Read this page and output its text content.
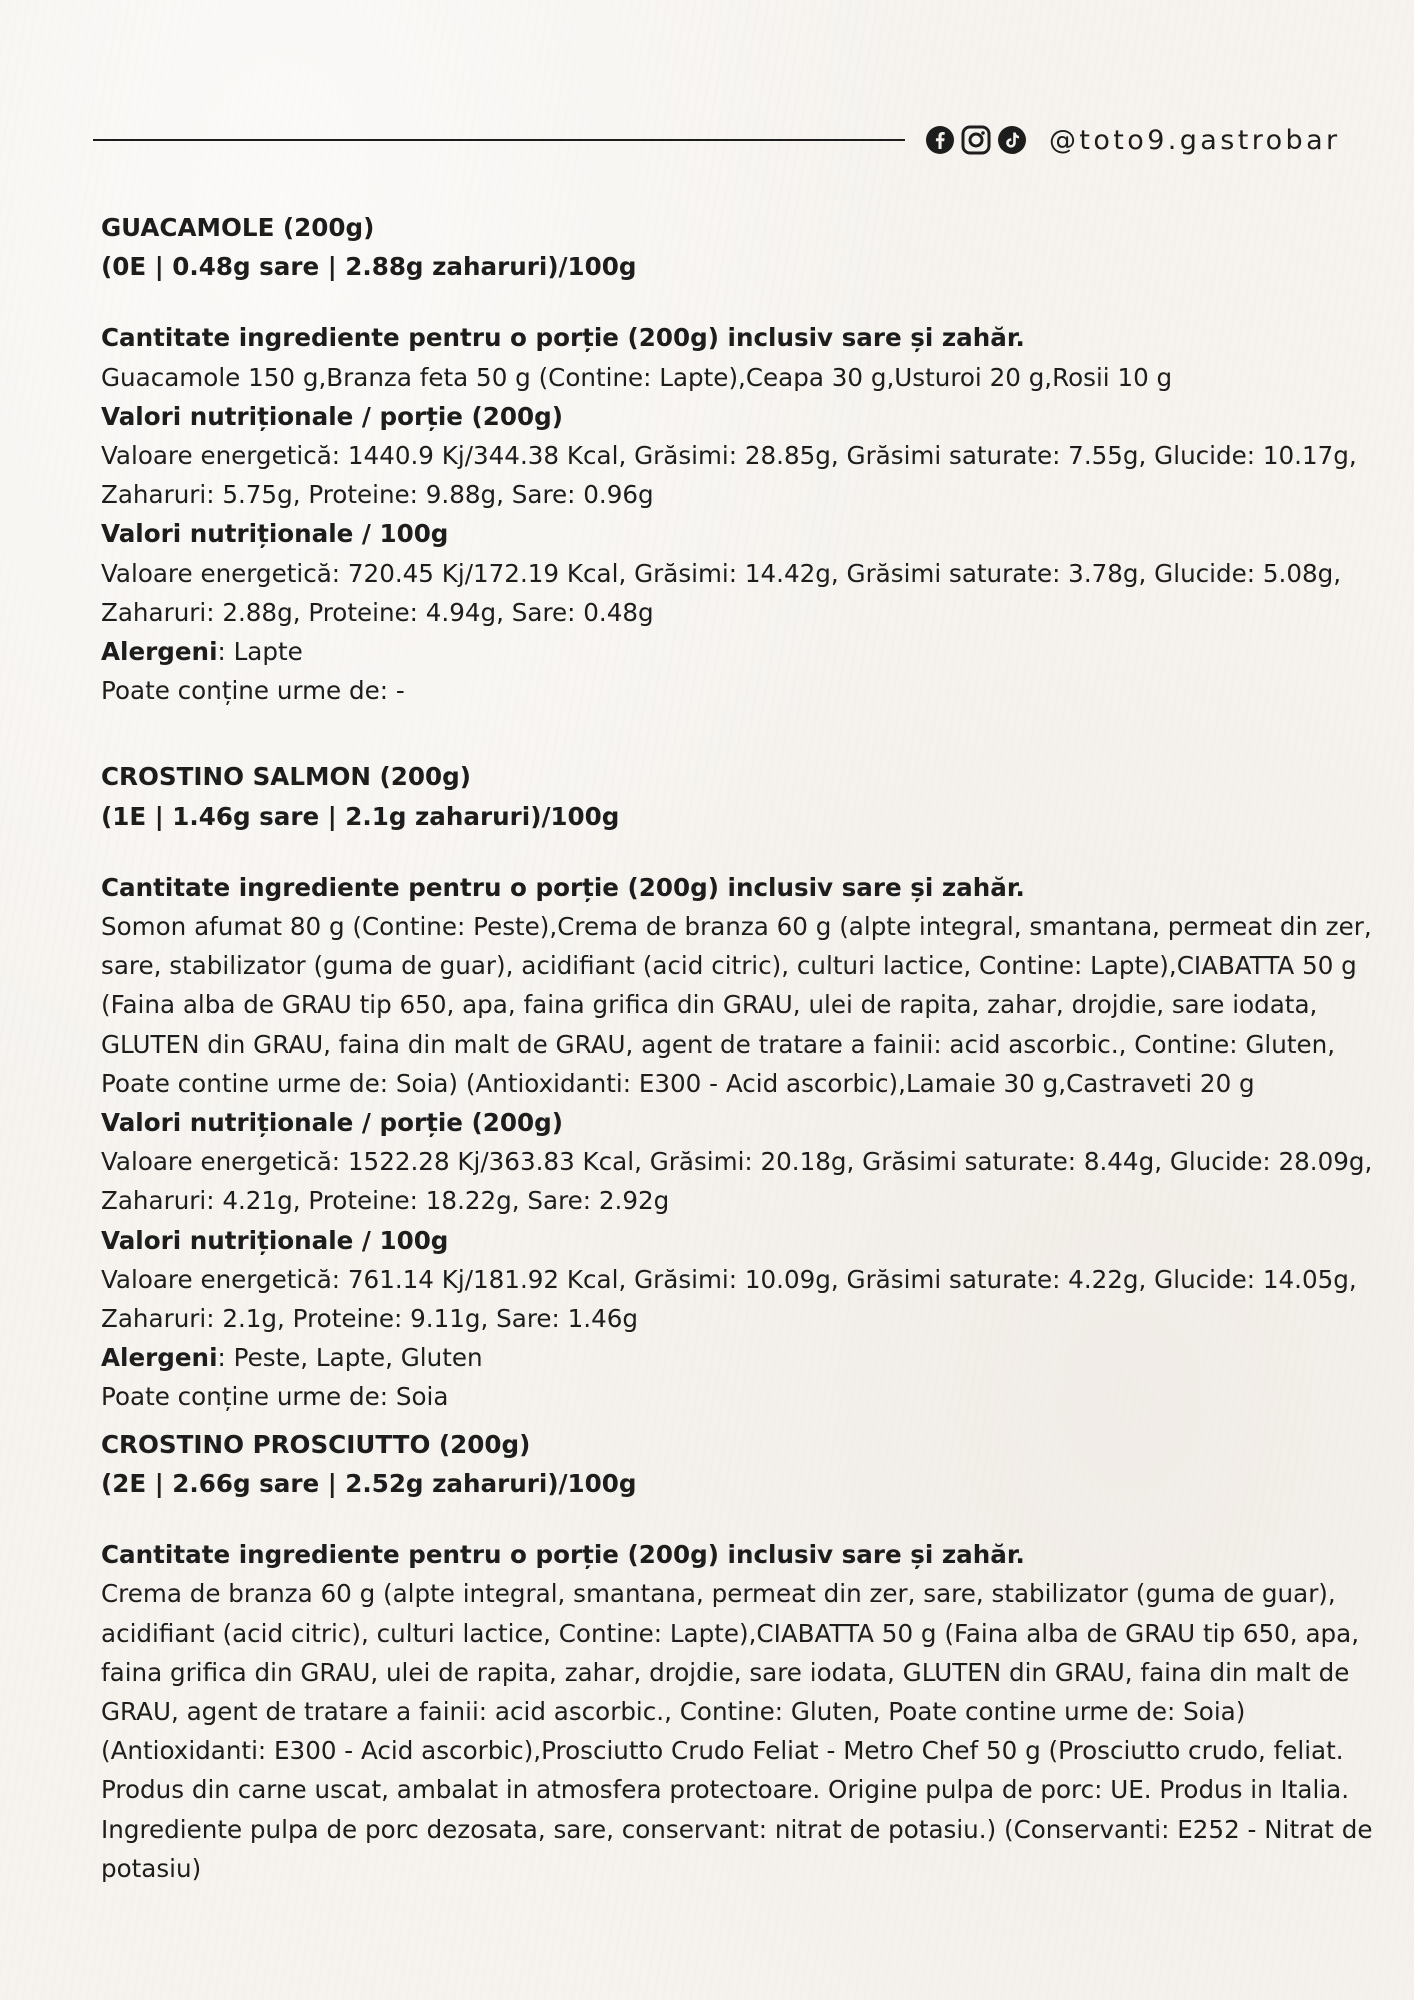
@toto9.gastrobar

GUACAMOLE (200g)

(0E | 0.48g sare | 2.88g zaharuri)/100g

Cantitate ingrediente pentru o porție (200g) inclusiv sare și zahăr.

Guacamole 150 g,Branza feta 50 g (Contine: Lapte),Ceapa 30 g,Usturoi 20 g,Rosii 10 g

Valori nutriționale / porție (200g)

Valoare energetică: 1440.9 Kj/344.38 Kcal, Grăsimi: 28.85g, Grăsimi saturate: 7.55g, Glucide: 10.17g, Zaharuri: 5.75g, Proteine: 9.88g, Sare: 0.96g

Valori nutriționale / 100g

Valoare energetică: 720.45 Kj/172.19 Kcal, Grăsimi: 14.42g, Grăsimi saturate: 3.78g, Glucide: 5.08g, Zaharuri: 2.88g, Proteine: 4.94g, Sare: 0.48g

Alergeni: Lapte

Poate conține urme de: -

CROSTINO SALMON (200g)

(1E | 1.46g sare | 2.1g zaharuri)/100g

Cantitate ingrediente pentru o porție (200g) inclusiv sare și zahăr.

Somon afumat 80 g (Contine: Peste),Crema de branza 60 g (alpte integral, smantana, permeat din zer, sare, stabilizator (guma de guar), acidifiant (acid citric), culturi lactice, Contine: Lapte),CIABATTA 50 g (Faina alba de GRAU tip 650, apa, faina grifica din GRAU, ulei de rapita, zahar, drojdie, sare iodata, GLUTEN din GRAU, faina din malt de GRAU, agent de tratare a fainii: acid ascorbic., Contine: Gluten, Poate contine urme de: Soia) (Antioxidanti: E300 - Acid ascorbic),Lamaie 30 g,Castraveti 20 g

Valori nutriționale / porție (200g)

Valoare energetică: 1522.28 Kj/363.83 Kcal, Grăsimi: 20.18g, Grăsimi saturate: 8.44g, Glucide: 28.09g, Zaharuri: 4.21g, Proteine: 18.22g, Sare: 2.92g

Valori nutriționale / 100g

Valoare energetică: 761.14 Kj/181.92 Kcal, Grăsimi: 10.09g, Grăsimi saturate: 4.22g, Glucide: 14.05g, Zaharuri: 2.1g, Proteine: 9.11g, Sare: 1.46g

Alergeni: Peste, Lapte, Gluten

Poate conține urme de: Soia

CROSTINO PROSCIUTTO (200g)

(2E | 2.66g sare | 2.52g zaharuri)/100g

Cantitate ingrediente pentru o porție (200g) inclusiv sare și zahăr.

Crema de branza 60 g (alpte integral, smantana, permeat din zer, sare, stabilizator (guma de guar), acidifiant (acid citric), culturi lactice, Contine: Lapte),CIABATTA 50 g (Faina alba de GRAU tip 650, apa, faina grifica din GRAU, ulei de rapita, zahar, drojdie, sare iodata, GLUTEN din GRAU, faina din malt de GRAU, agent de tratare a fainii: acid ascorbic., Contine: Gluten, Poate contine urme de: Soia) (Antioxidanti: E300 - Acid ascorbic),Prosciutto Crudo Feliat - Metro Chef 50 g (Prosciutto crudo, feliat. Produs din carne uscat, ambalat in atmosfera protectoare. Origine pulpa de porc: UE. Produs in Italia. Ingrediente pulpa de porc dezosata, sare, conservant: nitrat de potasiu.) (Conservanti: E252 - Nitrat de potasiu)
